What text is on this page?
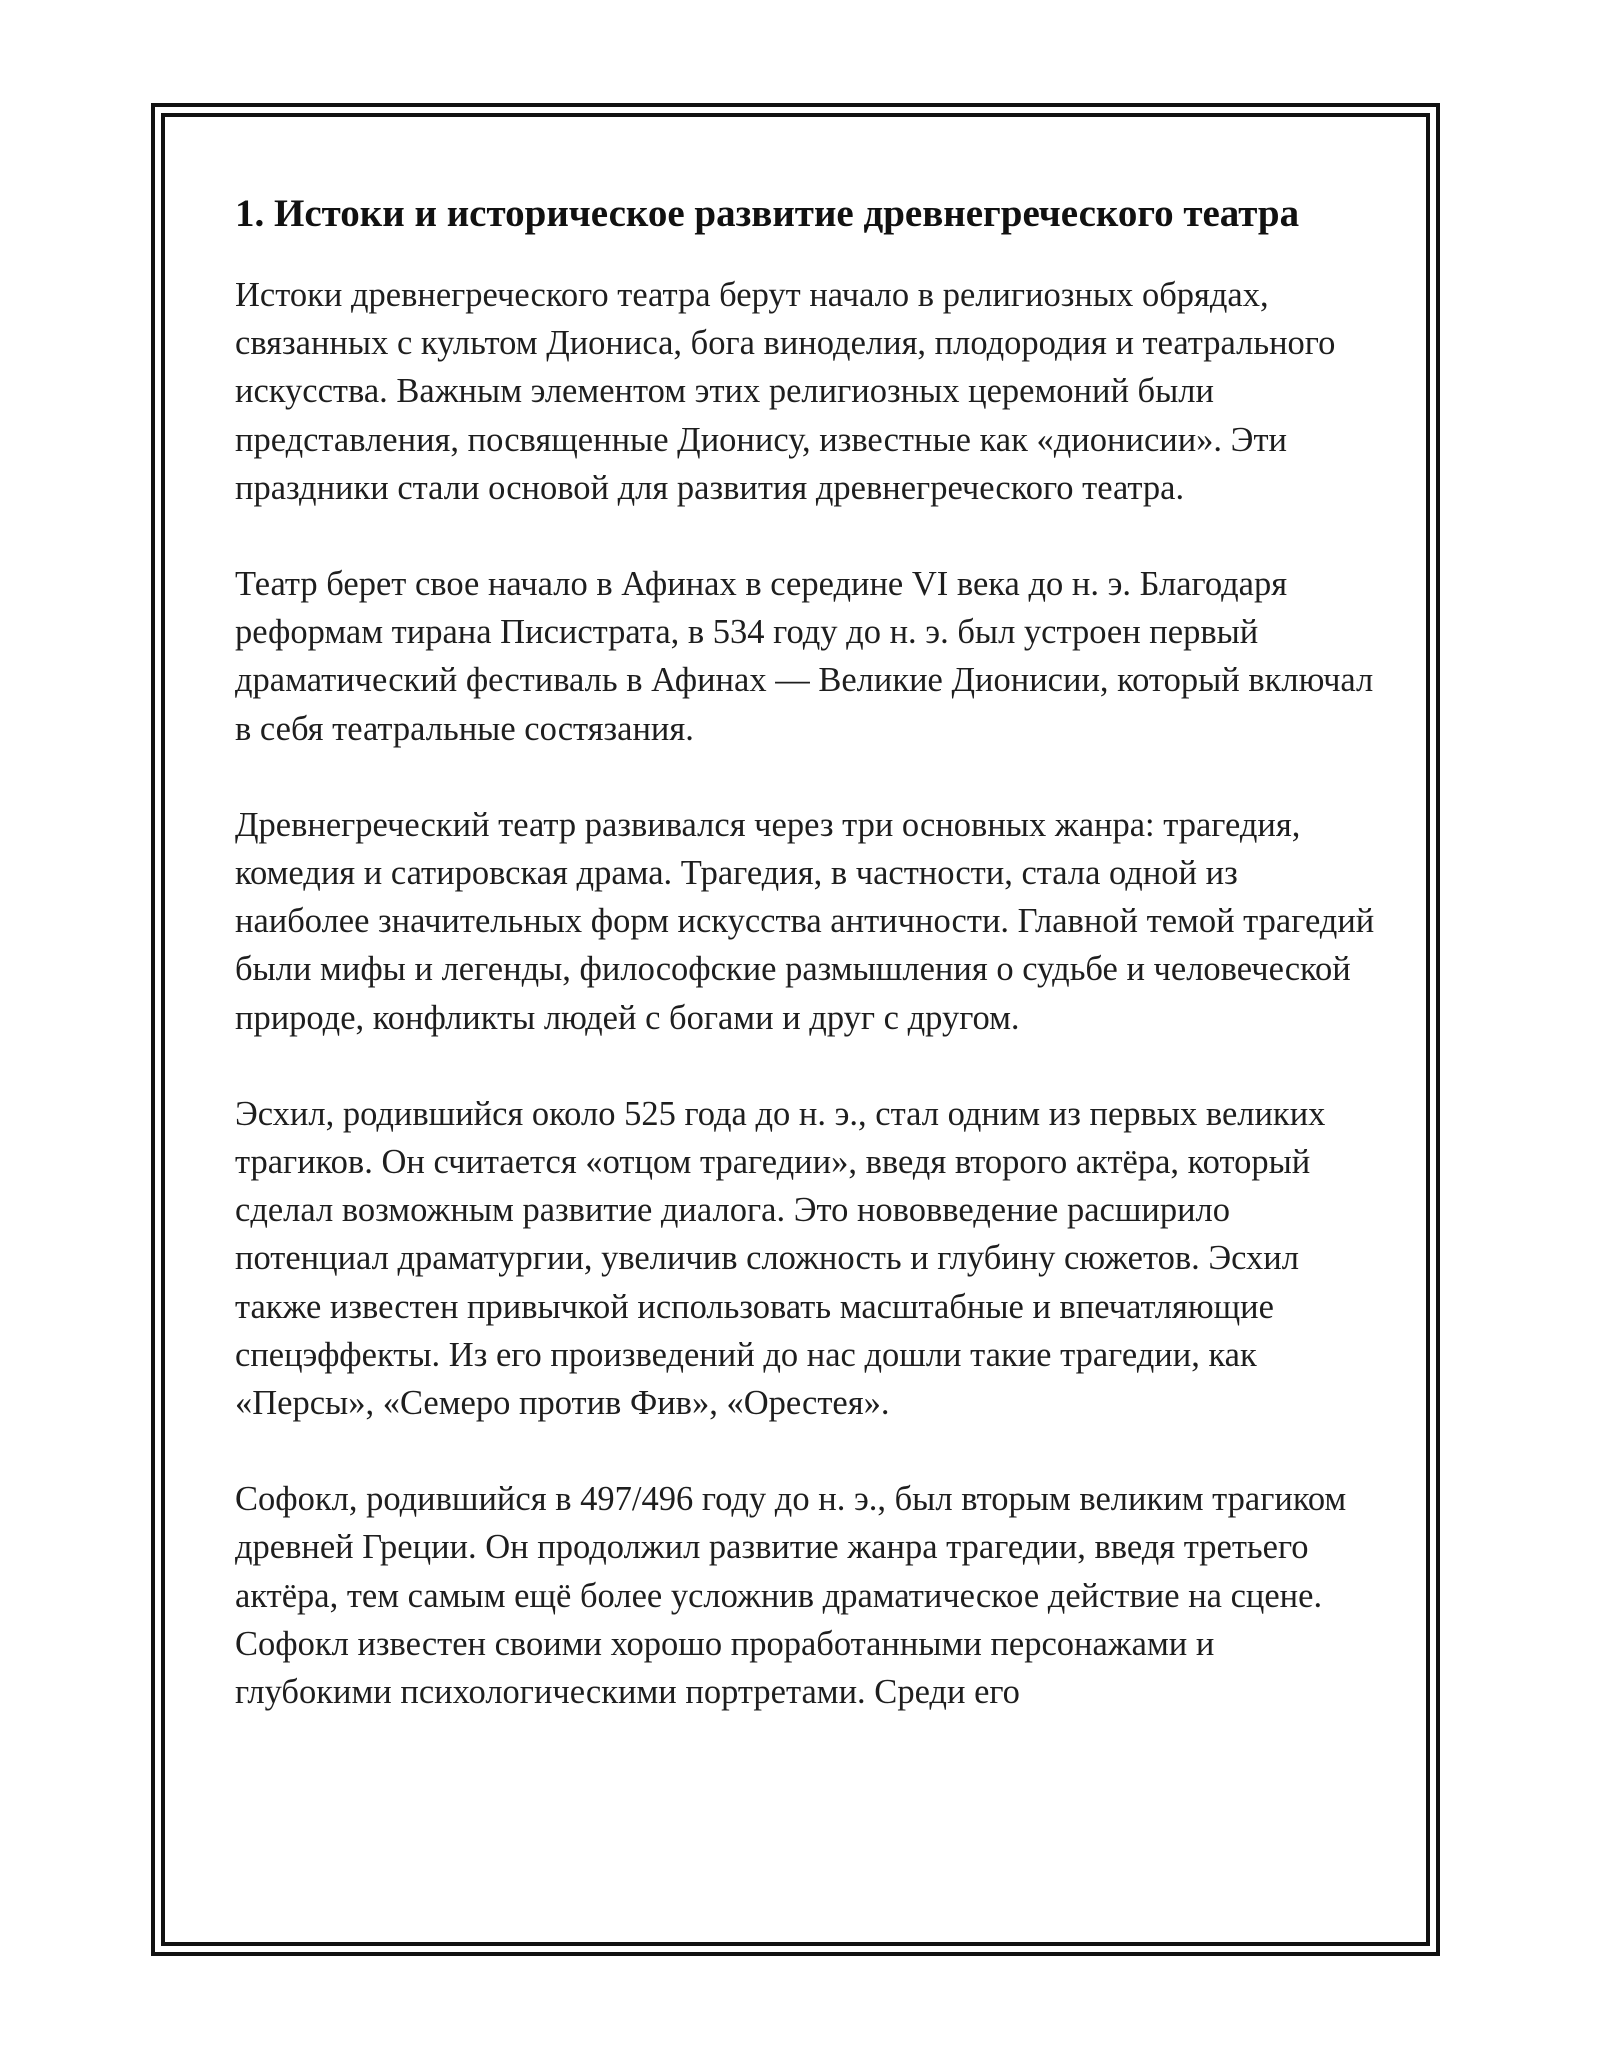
1. Истоки и историческое развитие древнегреческого театра

Истоки древнегреческого театра берут начало в религиозных обрядах, связанных с культом Диониса, бога виноделия, плодородия и театрального искусства. Важным элементом этих религиозных церемоний были представления, посвященные Дионису, известные как «дионисии». Эти праздники стали основой для развития древнегреческого театра.

Театр берет свое начало в Афинах в середине VI века до н. э. Благодаря реформам тирана Писистрата, в 534 году до н. э. был устроен первый драматический фестиваль в Афинах — Великие Дионисии, который включал в себя театральные состязания.

Древнегреческий театр развивался через три основных жанра: трагедия, комедия и сатировская драма. Трагедия, в частности, стала одной из наиболее значительных форм искусства античности. Главной темой трагедий были мифы и легенды, философские размышления о судьбе и человеческой природе, конфликты людей с богами и друг с другом.

Эсхил, родившийся около 525 года до н. э., стал одним из первых великих трагиков. Он считается «отцом трагедии», введя второго актёра, который сделал возможным развитие диалога. Это нововведение расширило потенциал драматургии, увеличив сложность и глубину сюжетов. Эсхил также известен привычкой использовать масштабные и впечатляющие спецэффекты. Из его произведений до нас дошли такие трагедии, как «Персы», «Семеро против Фив», «Орестея».

Софокл, родившийся в 497/496 году до н. э., был вторым великим трагиком древней Греции. Он продолжил развитие жанра трагедии, введя третьего актёра, тем самым ещё более усложнив драматическое действие на сцене. Софокл известен своими хорошо проработанными персонажами и глубокими психологическими портретами. Среди его
